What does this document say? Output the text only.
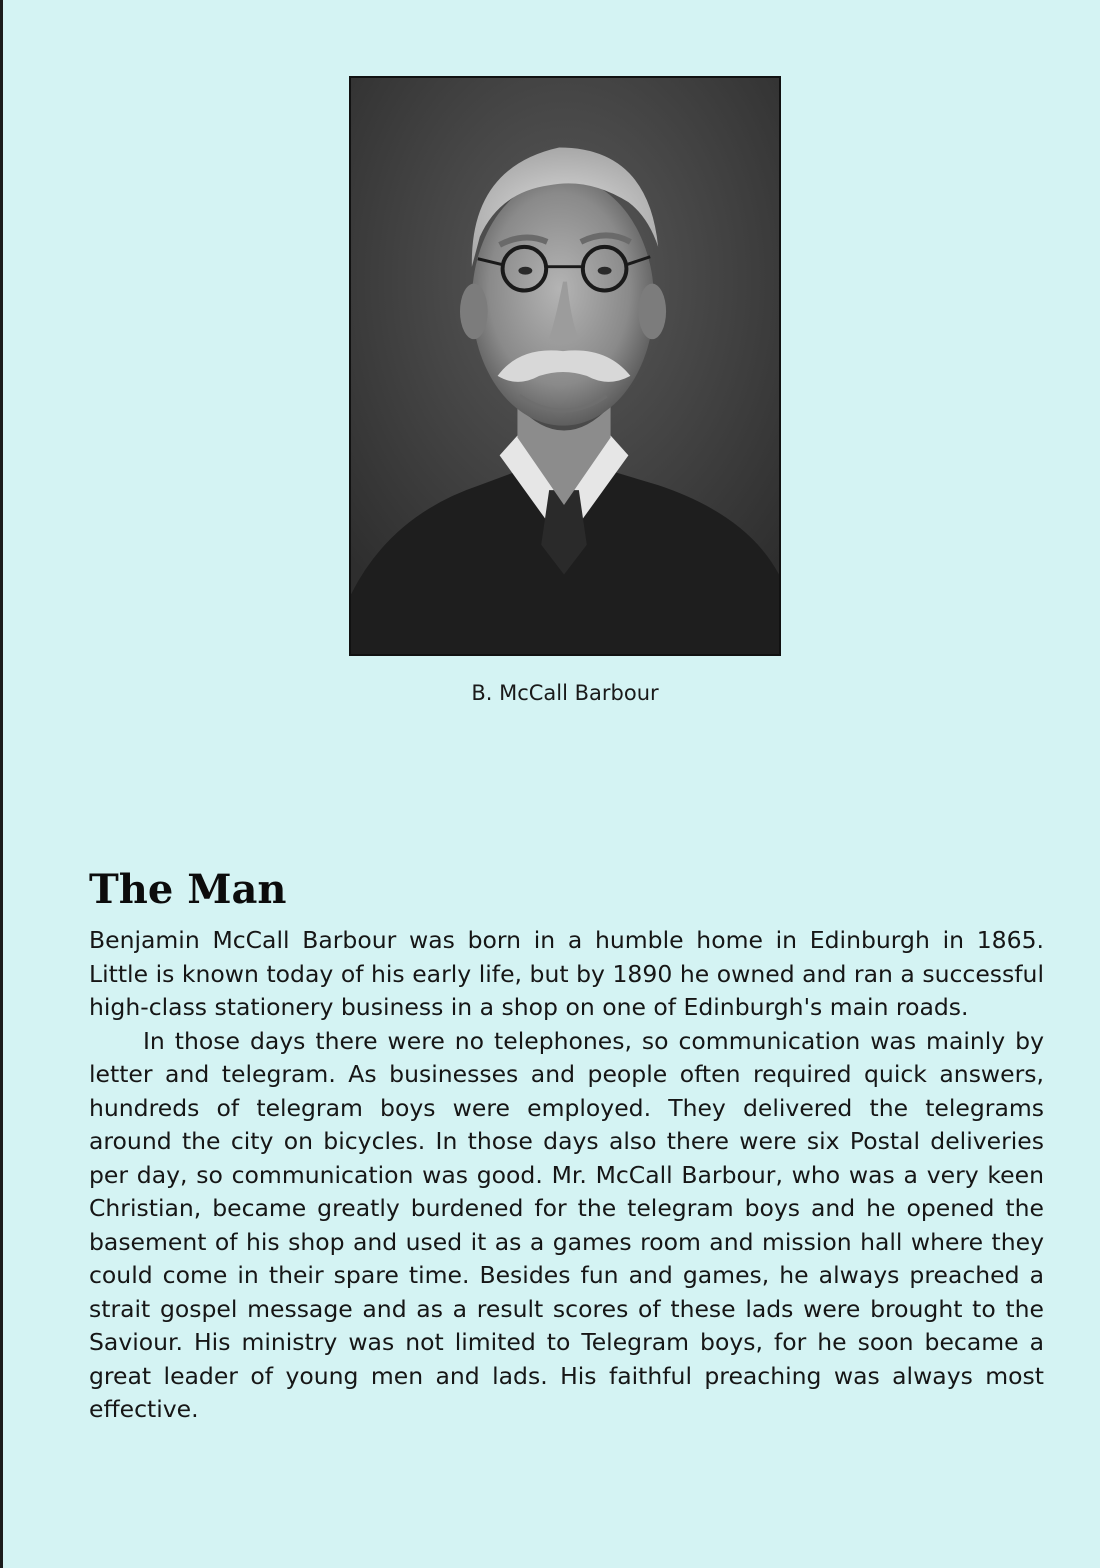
B. McCall Barbour
The Man

Benjamin McCall Barbour was born in a humble home in Edinburgh in 1865. Little is known today of his early life, but by 1890 he owned and ran a successful high-class stationery business in a shop on one of Edinburgh's main roads.

In those days there were no telephones, so communication was mainly by letter and telegram. As businesses and people often required quick answers, hundreds of telegram boys were employed. They delivered the telegrams around the city on bicycles. In those days also there were six Postal deliveries per day, so communication was good. Mr. McCall Barbour, who was a very keen Christian, became greatly burdened for the telegram boys and he opened the basement of his shop and used it as a games room and mission hall where they could come in their spare time. Besides fun and games, he always preached a strait gospel message and as a result scores of these lads were brought to the Saviour. His ministry was not limited to Telegram boys, for he soon became a great leader of young men and lads. His faithful preaching was always most effective.
